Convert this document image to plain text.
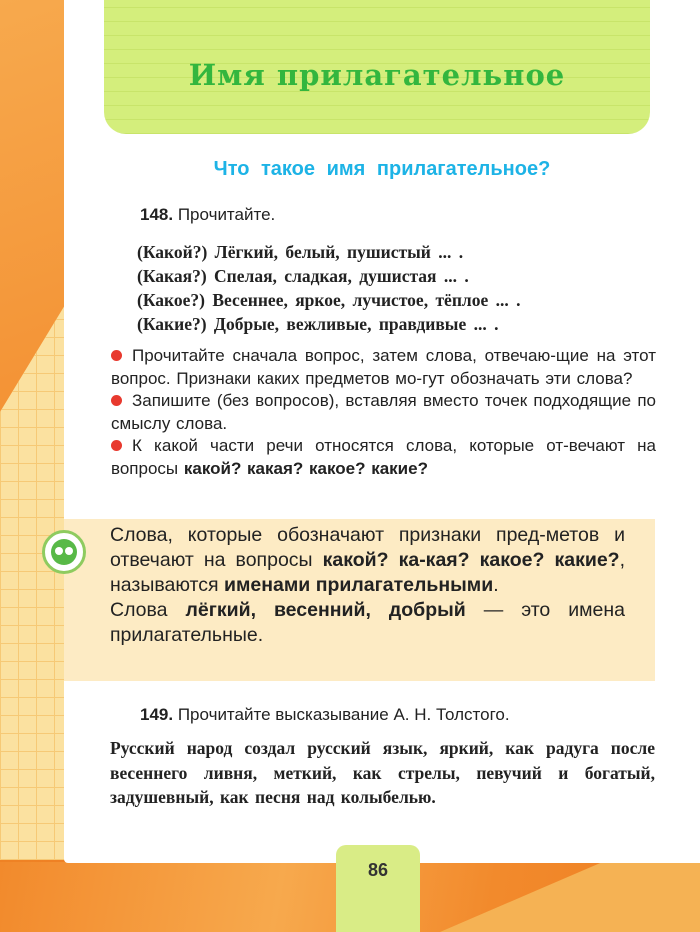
Имя прилагательное
Что такое имя прилагательное?
148. Прочитайте.
(Какой?) Лёгкий, белый, пушистый ... .
(Какая?) Спелая, сладкая, душистая ... .
(Какое?) Весеннее, яркое, лучистое, тёплое ... .
(Какие?) Добрые, вежливые, правдивые ... .
Прочитайте сначала вопрос, затем слова, отвечаю-щие на этот вопрос. Признаки каких предметов мо-гут обозначать эти слова?
Запишите (без вопросов), вставляя вместо точек подходящие по смыслу слова.
К какой части речи относятся слова, которые от-вечают на вопросы какой? какая? какое? какие?
Слова, которые обозначают признаки пред-метов и отвечают на вопросы какой? ка-кая? какое? какие?, называются именами прилагательными.
Слова лёгкий, весенний, добрый — это имена прилагательные.
149. Прочитайте высказывание А. Н. Толстого.
Русский народ создал русский язык, яркий, как радуга после весеннего ливня, меткий, как стрелы, певучий и богатый, задушевный, как песня над колыбелью.
86
